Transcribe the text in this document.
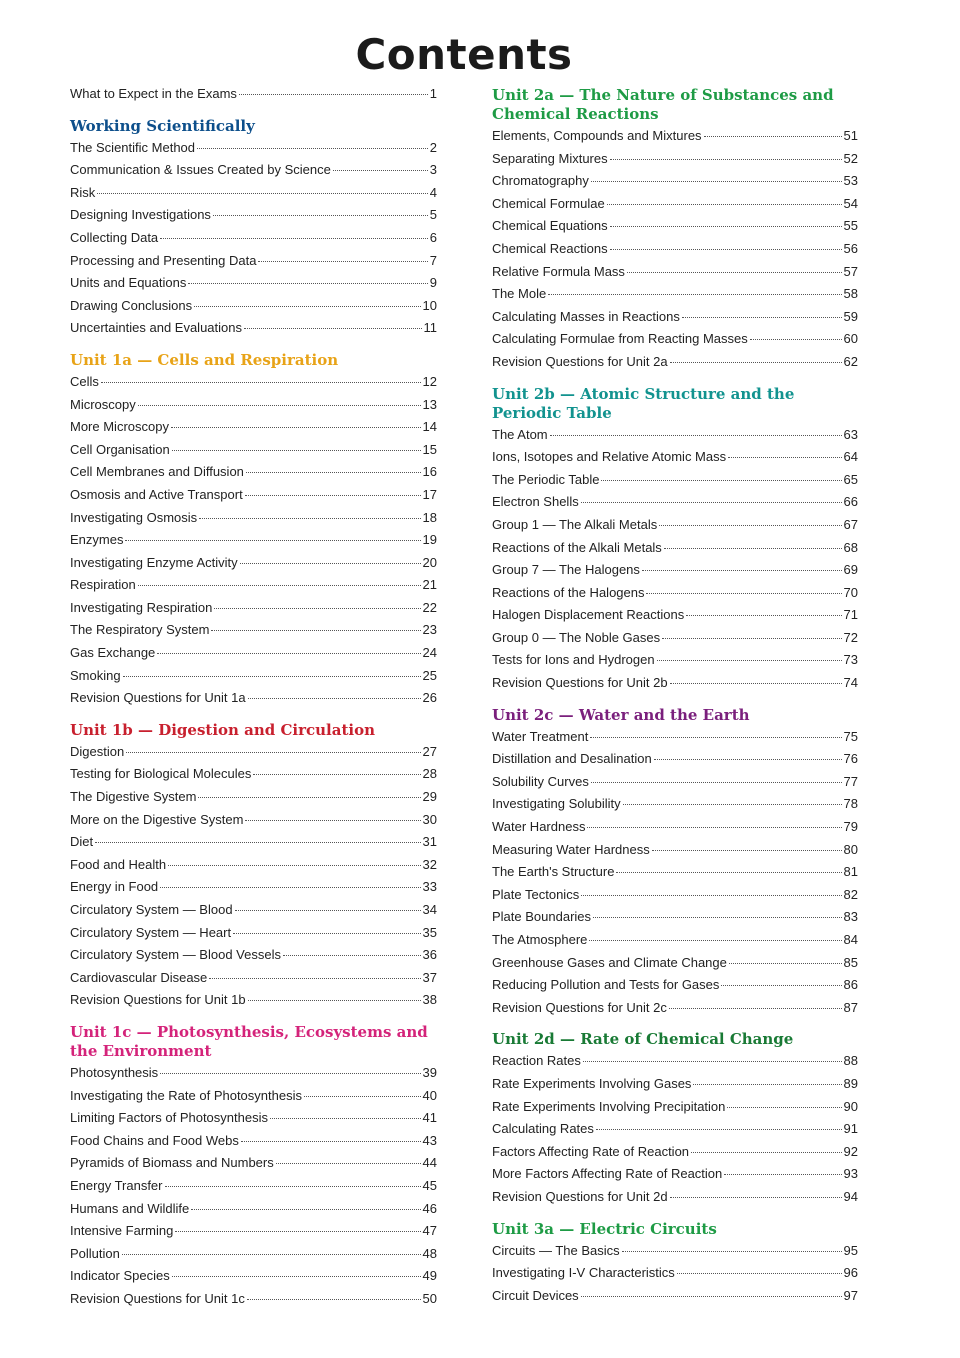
Contents
What to Expect in the Exams	1
Working Scientifically
The Scientific Method	2
Communication & Issues Created by Science	3
Risk	4
Designing Investigations	5
Collecting Data	6
Processing and Presenting Data	7
Units and Equations	9
Drawing Conclusions	10
Uncertainties and Evaluations	11
Unit 1a — Cells and Respiration
Cells	12
Microscopy	13
More Microscopy	14
Cell Organisation	15
Cell Membranes and Diffusion	16
Osmosis and Active Transport	17
Investigating Osmosis	18
Enzymes	19
Investigating Enzyme Activity	20
Respiration	21
Investigating Respiration	22
The Respiratory System	23
Gas Exchange	24
Smoking	25
Revision Questions for Unit 1a	26
Unit 1b — Digestion and Circulation
Digestion	27
Testing for Biological Molecules	28
The Digestive System	29
More on the Digestive System	30
Diet	31
Food and Health	32
Energy in Food	33
Circulatory System — Blood	34
Circulatory System — Heart	35
Circulatory System — Blood Vessels	36
Cardiovascular Disease	37
Revision Questions for Unit 1b	38
Unit 1c — Photosynthesis, Ecosystems and the Environment
Photosynthesis	39
Investigating the Rate of Photosynthesis	40
Limiting Factors of Photosynthesis	41
Food Chains and Food Webs	43
Pyramids of Biomass and Numbers	44
Energy Transfer	45
Humans and Wildlife	46
Intensive Farming	47
Pollution	48
Indicator Species	49
Revision Questions for Unit 1c	50
Unit 2a — The Nature of Substances and Chemical Reactions
Elements, Compounds and Mixtures	51
Separating Mixtures	52
Chromatography	53
Chemical Formulae	54
Chemical Equations	55
Chemical Reactions	56
Relative Formula Mass	57
The Mole	58
Calculating Masses in Reactions	59
Calculating Formulae from Reacting Masses	60
Revision Questions for Unit 2a	62
Unit 2b — Atomic Structure and the Periodic Table
The Atom	63
Ions, Isotopes and Relative Atomic Mass	64
The Periodic Table	65
Electron Shells	66
Group 1 — The Alkali Metals	67
Reactions of the Alkali Metals	68
Group 7 — The Halogens	69
Reactions of the Halogens	70
Halogen Displacement Reactions	71
Group 0 — The Noble Gases	72
Tests for Ions and Hydrogen	73
Revision Questions for Unit 2b	74
Unit 2c — Water and the Earth
Water Treatment	75
Distillation and Desalination	76
Solubility Curves	77
Investigating Solubility	78
Water Hardness	79
Measuring Water Hardness	80
The Earth's Structure	81
Plate Tectonics	82
Plate Boundaries	83
The Atmosphere	84
Greenhouse Gases and Climate Change	85
Reducing Pollution and Tests for Gases	86
Revision Questions for Unit 2c	87
Unit 2d — Rate of Chemical Change
Reaction Rates	88
Rate Experiments Involving Gases	89
Rate Experiments Involving Precipitation	90
Calculating Rates	91
Factors Affecting Rate of Reaction	92
More Factors Affecting Rate of Reaction	93
Revision Questions for Unit 2d	94
Unit 3a — Electric Circuits
Circuits — The Basics	95
Investigating I-V Characteristics	96
Circuit Devices	97
